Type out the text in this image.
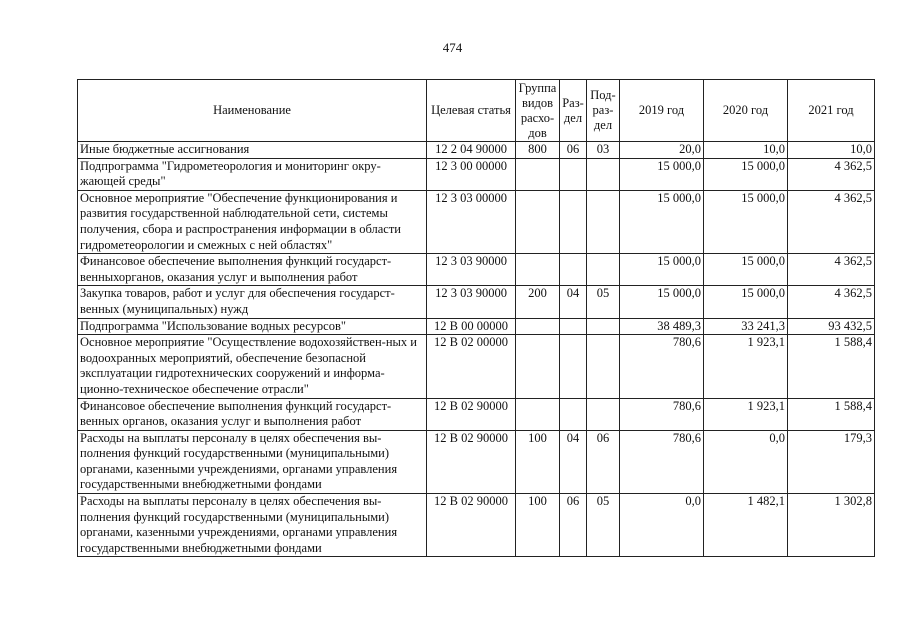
474
Наименование	Целевая статья	Группа видов расхо-дов	Раз-дел	Под-раз-дел	2019 год	2020 год	2021 год
Иные бюджетные ассигнования	12 2 04 90000	800	06	03	20,0	10,0	10,0
Подпрограмма "Гидрометеорология и мониторинг окру-жающей среды"	12 3 00 00000				15 000,0	15 000,0	4 362,5
Основное мероприятие "Обеспечение функционирования и развития государственной наблюдательной сети, системы получения, сбора и распространения информации в области гидрометеорологии и смежных с ней областях"	12 3 03 00000				15 000,0	15 000,0	4 362,5
Финансовое обеспечение выполнения функций государст-венныхорганов, оказания услуг и выполнения работ	12 3 03 90000				15 000,0	15 000,0	4 362,5
Закупка товаров, работ и услуг для обеспечения государст-венных (муниципальных) нужд	12 3 03 90000	200	04	05	15 000,0	15 000,0	4 362,5
Подпрограмма "Использование водных ресурсов"	12 В 00 00000				38 489,3	33 241,3	93 432,5
Основное мероприятие "Осуществление водохозяйствен-ных и водоохранных мероприятий, обеспечение безопасной эксплуатации гидротехнических сооружений и информа-ционно-техническое обеспечение отрасли"	12 В 02 00000				780,6	1 923,1	1 588,4
Финансовое обеспечение выполнения функций государст-венных органов, оказания услуг и выполнения работ	12 В 02 90000				780,6	1 923,1	1 588,4
Расходы на выплаты персоналу в целях обеспечения вы-полнения функций государственными (муниципальными) органами, казенными учреждениями, органами управления государственными внебюджетными фондами	12 В 02 90000	100	04	06	780,6	0,0	179,3
Расходы на выплаты персоналу в целях обеспечения вы-полнения функций государственными (муниципальными) органами, казенными учреждениями, органами управления государственными внебюджетными фондами	12 В 02 90000	100	06	05	0,0	1 482,1	1 302,8
